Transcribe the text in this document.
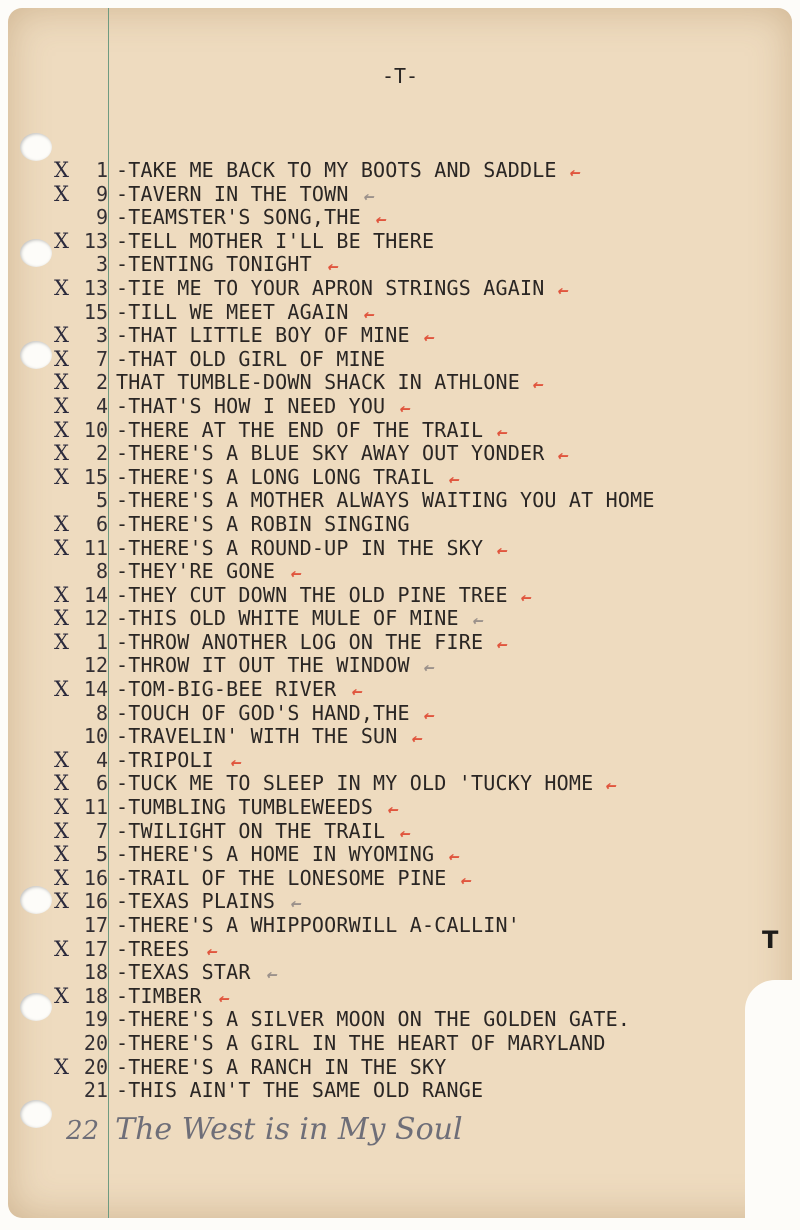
T
-T-
X 1 -TAKE ME BACK TO MY BOOTS AND SADDLE ←
X 9 -TAVERN IN THE TOWN ←
9 -TEAMSTER'S SONG,THE ←
X 13 -TELL MOTHER I'LL BE THERE
3 -TENTING TONIGHT ←
X 13 -TIE ME TO YOUR APRON STRINGS AGAIN ←
15 -TILL WE MEET AGAIN ←
X 3 -THAT LITTLE BOY OF MINE ←
X 7 -THAT OLD GIRL OF MINE
X 2 THAT TUMBLE-DOWN SHACK IN ATHLONE ←
X 4 -THAT'S HOW I NEED YOU ←
X 10 -THERE AT THE END OF THE TRAIL ←
X 2 -THERE'S A BLUE SKY AWAY OUT YONDER ←
X 15 -THERE'S A LONG LONG TRAIL ←
5 -THERE'S A MOTHER ALWAYS WAITING YOU AT HOME
X 6 -THERE'S A ROBIN SINGING
X 11 -THERE'S A ROUND-UP IN THE SKY ←
8 -THEY'RE GONE ←
X 14 -THEY CUT DOWN THE OLD PINE TREE ←
X 12 -THIS OLD WHITE MULE OF MINE ←
X 1 -THROW ANOTHER LOG ON THE FIRE ←
12 -THROW IT OUT THE WINDOW ←
X 14 -TOM-BIG-BEE RIVER ←
8 -TOUCH OF GOD'S HAND,THE ←
10 -TRAVELIN' WITH THE SUN ←
X 4 -TRIPOLI ←
X 6 -TUCK ME TO SLEEP IN MY OLD 'TUCKY HOME ←
X 11 -TUMBLING TUMBLEWEEDS ←
X 7 -TWILIGHT ON THE TRAIL ←
X 5 -THERE'S A HOME IN WYOMING ←
X 16 -TRAIL OF THE LONESOME PINE ←
X 16 -TEXAS PLAINS ←
17 -THERE'S A WHIPPOORWILL A-CALLIN'
X 17 -TREES ←
18 -TEXAS STAR ←
X 18 -TIMBER ←
19 -THERE'S A SILVER MOON ON THE GOLDEN GATE.
20 -THERE'S A GIRL IN THE HEART OF MARYLAND
X 20 -THERE'S A RANCH IN THE SKY
21 -THIS AIN'T THE SAME OLD RANGE
22 The West is in My Soul
